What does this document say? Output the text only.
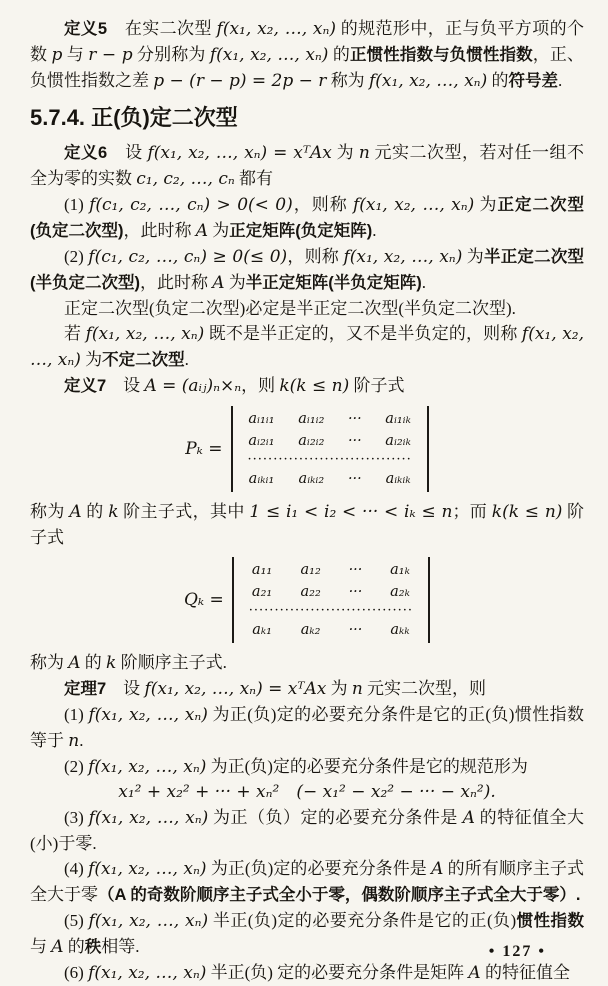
定义5　在实二次型 f(x₁, x₂, …, xₙ) 的规范形中，正与负平方项的个数 p 与 r − p 分别称为 f(x₁, x₂, …, xₙ) 的正惯性指数与负惯性指数，正、负惯性指数之差 p − (r − p) = 2p − r 称为 f(x₁, x₂, …, xₙ) 的符号差.

5.7.4. 正(负)定二次型

定义6　设 f(x₁, x₂, …, xₙ) = xᵀAx 为 n 元实二次型，若对任一组不全为零的实数 c₁, c₂, …, cₙ 都有

(1) f(c₁, c₂, …, cₙ) > 0(< 0)，则称 f(x₁, x₂, …, xₙ) 为正定二次型(负定二次型)，此时称 A 为正定矩阵(负定矩阵).

(2) f(c₁, c₂, …, cₙ) ≥ 0(≤ 0)，则称 f(x₁, x₂, …, xₙ) 为半正定二次型(半负定二次型)，此时称 A 为半正定矩阵(半负定矩阵).

正定二次型(负定二次型)必定是半正定二次型(半负定二次型).

若 f(x₁, x₂, …, xₙ) 既不是半正定的，又不是半负定的，则称 f(x₁, x₂, …, xₙ) 为不定二次型.

定义7　设 A = (aᵢⱼ)ₙ×ₙ，则 k(k ≤ n) 阶子式

Pₖ =
aᵢ₁ᵢ₁	aᵢ₁ᵢ₂	···	aᵢ₁ᵢₖ
aᵢ₂ᵢ₁	aᵢ₂ᵢ₂	···	aᵢ₂ᵢₖ
································			
aᵢₖᵢ₁	aᵢₖᵢ₂	···	aᵢₖᵢₖ

称为 A 的 k 阶主子式，其中 1 ≤ i₁ < i₂ < ··· < iₖ ≤ n；而 k(k ≤ n) 阶子式

Qₖ =
a₁₁	a₁₂	···	a₁ₖ
a₂₁	a₂₂	···	a₂ₖ
································			
aₖ₁	aₖ₂	···	aₖₖ

称为 A 的 k 阶顺序主子式.

定理7　设 f(x₁, x₂, …, xₙ) = xᵀAx 为 n 元实二次型，则

(1) f(x₁, x₂, …, xₙ) 为正(负)定的必要充分条件是它的正(负)惯性指数等于 n.

(2) f(x₁, x₂, …, xₙ) 为正(负)定的必要充分条件是它的规范形为

x₁² + x₂² + ··· + xₙ²　(− x₁² − x₂² − ··· − xₙ²).

(3) f(x₁, x₂, …, xₙ) 为正（负）定的必要充分条件是 A 的特征值全大(小)于零.

(4) f(x₁, x₂, …, xₙ) 为正(负)定的必要充分条件是 A 的所有顺序主子式全大于零（A 的奇数阶顺序主子式全小于零，偶数阶顺序主子式全大于零）.

(5) f(x₁, x₂, …, xₙ) 半正(负)定的必要充分条件是它的正(负)惯性指数与 A 的秩相等.

(6) f(x₁, x₂, …, xₙ) 半正(负) 定的必要充分条件是矩阵 A 的特征值全

• 127 •
